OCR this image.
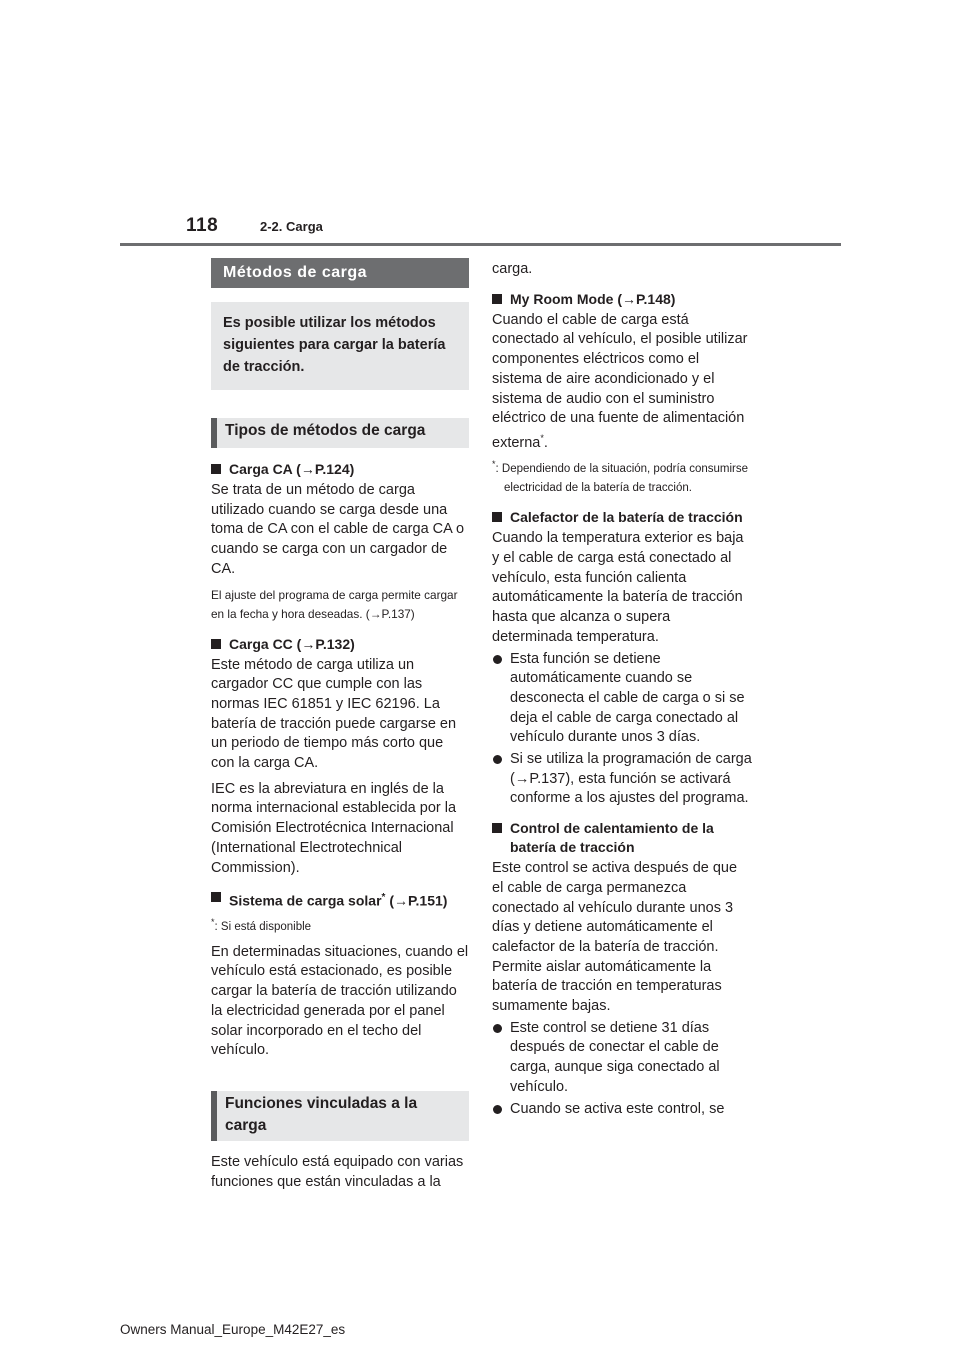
118	2-2. Carga
Métodos de carga
Es posible utilizar los métodos siguientes para cargar la batería de tracción.
Tipos de métodos de carga
Carga CA (→P.124)
Se trata de un método de carga utilizado cuando se carga desde una toma de CA con el cable de carga CA o cuando se carga con un cargador de CA.
El ajuste del programa de carga permite cargar en la fecha y hora deseadas. (→P.137)
Carga CC (→P.132)
Este método de carga utiliza un cargador CC que cumple con las normas IEC 61851 y IEC 62196. La batería de tracción puede cargarse en un periodo de tiempo más corto que con la carga CA.
IEC es la abreviatura en inglés de la norma internacional establecida por la Comisión Electrotécnica Internacional (International Electrotechnical Commission).
Sistema de carga solar* (→P.151)
*: Si está disponible
En determinadas situaciones, cuando el vehículo está estacionado, es posible cargar la batería de tracción utilizando la electricidad generada por el panel solar incorporado en el techo del vehículo.
Funciones vinculadas a la carga
Este vehículo está equipado con varias funciones que están vinculadas a la
carga.
My Room Mode (→P.148)
Cuando el cable de carga está conectado al vehículo, el posible utilizar componentes eléctricos como el sistema de aire acondicionado y el sistema de audio con el suministro eléctrico de una fuente de alimentación externa*.
*: Dependiendo de la situación, podría consumirse electricidad de la batería de tracción.
Calefactor de la batería de tracción
Cuando la temperatura exterior es baja y el cable de carga está conectado al vehículo, esta función calienta automáticamente la batería de tracción hasta que alcanza o supera determinada temperatura.
Esta función se detiene automáticamente cuando se desconecta el cable de carga o si se deja el cable de carga conectado al vehículo durante unos 3 días.
Si se utiliza la programación de carga (→P.137), esta función se activará conforme a los ajustes del programa.
Control de calentamiento de la batería de tracción
Este control se activa después de que el cable de carga permanezca conectado al vehículo durante unos 3 días y detiene automáticamente el calefactor de la batería de tracción. Permite aislar automáticamente la batería de tracción en temperaturas sumamente bajas.
Este control se detiene 31 días después de conectar el cable de carga, aunque siga conectado al vehículo.
Cuando se activa este control, se
Owners Manual_Europe_M42E27_es
